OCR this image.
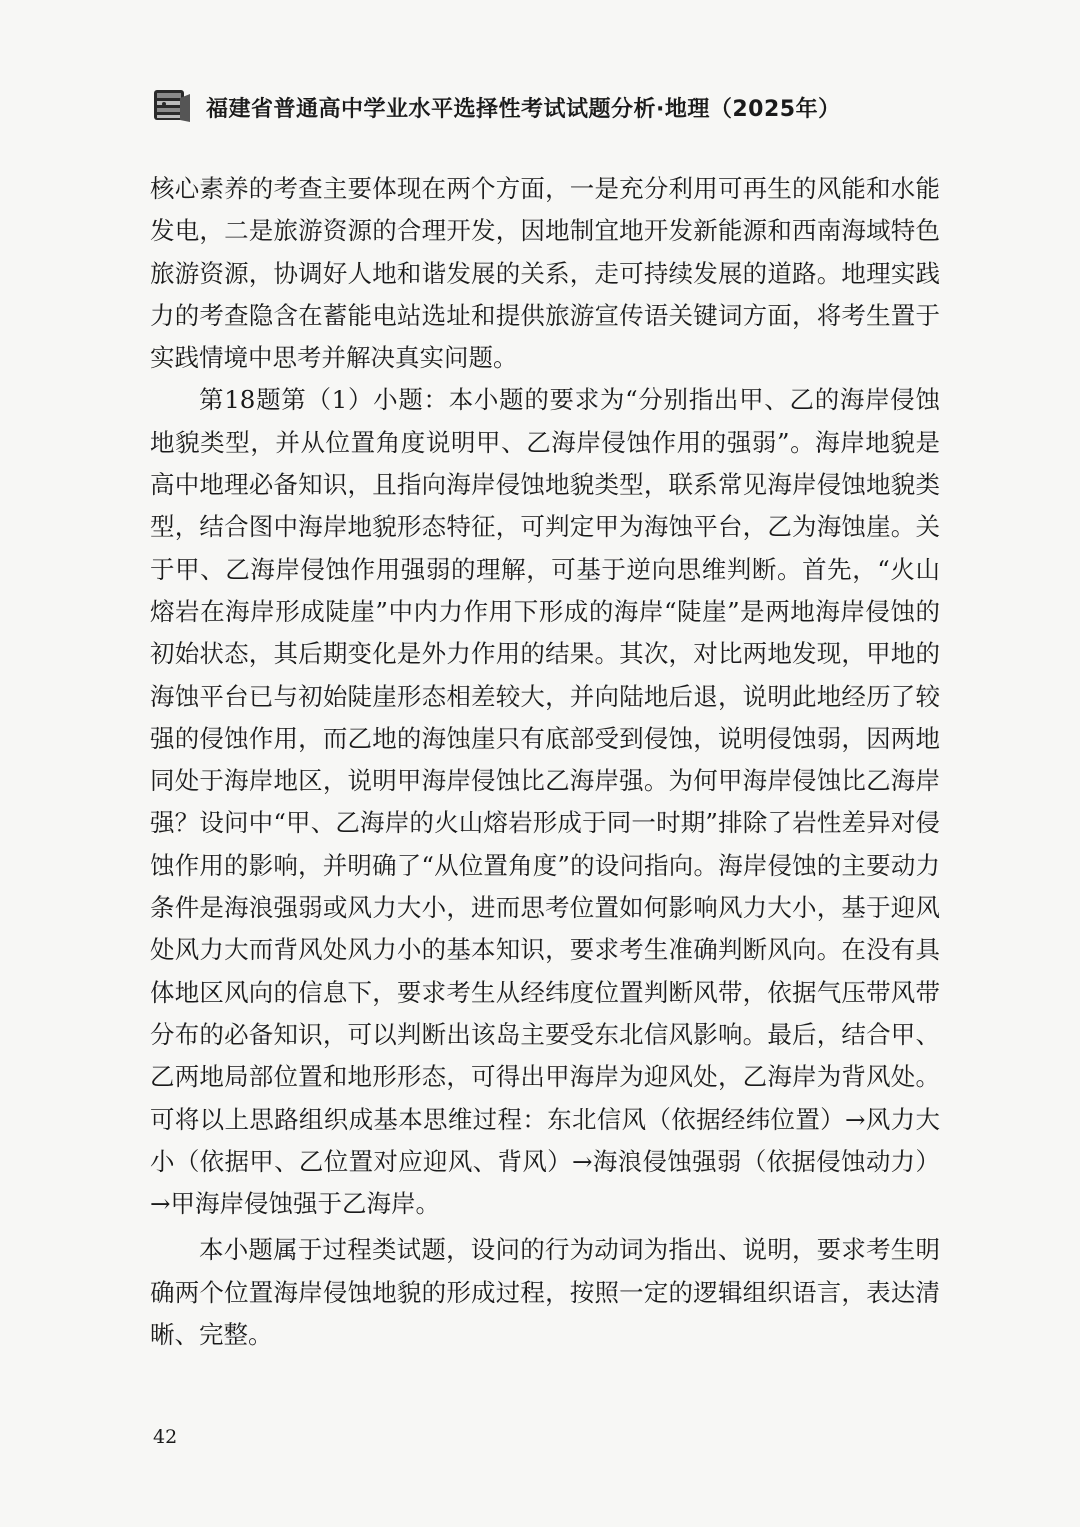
福建省普通高中学业水平选择性考试试题分析·地理（2025年）

核心素养的考查主要体现在两个方面，一是充分利用可再生的风能和水能发电，二是旅游资源的合理开发，因地制宜地开发新能源和西南海域特色旅游资源，协调好人地和谐发展的关系，走可持续发展的道路。地理实践力的考查隐含在蓄能电站选址和提供旅游宣传语关键词方面，将考生置于实践情境中思考并解决真实问题。

第18题第（1）小题：本小题的要求为“分别指出甲、乙的海岸侵蚀地貌类型，并从位置角度说明甲、乙海岸侵蚀作用的强弱”。海岸地貌是高中地理必备知识，且指向海岸侵蚀地貌类型，联系常见海岸侵蚀地貌类型，结合图中海岸地貌形态特征，可判定甲为海蚀平台，乙为海蚀崖。关于甲、乙海岸侵蚀作用强弱的理解，可基于逆向思维判断。首先，“火山熔岩在海岸形成陡崖”中内力作用下形成的海岸“陡崖”是两地海岸侵蚀的初始状态，其后期变化是外力作用的结果。其次，对比两地发现，甲地的海蚀平台已与初始陡崖形态相差较大，并向陆地后退，说明此地经历了较强的侵蚀作用，而乙地的海蚀崖只有底部受到侵蚀，说明侵蚀弱，因两地同处于海岸地区，说明甲海岸侵蚀比乙海岸强。为何甲海岸侵蚀比乙海岸强？设问中“甲、乙海岸的火山熔岩形成于同一时期”排除了岩性差异对侵蚀作用的影响，并明确了“从位置角度”的设问指向。海岸侵蚀的主要动力条件是海浪强弱或风力大小，进而思考位置如何影响风力大小，基于迎风处风力大而背风处风力小的基本知识，要求考生准确判断风向。在没有具体地区风向的信息下，要求考生从经纬度位置判断风带，依据气压带风带分布的必备知识，可以判断出该岛主要受东北信风影响。最后，结合甲、乙两地局部位置和地形形态，可得出甲海岸为迎风处，乙海岸为背风处。可将以上思路组织成基本思维过程：东北信风（依据经纬位置）→风力大小（依据甲、乙位置对应迎风、背风）→海浪侵蚀强弱（依据侵蚀动力）→甲海岸侵蚀强于乙海岸。

本小题属于过程类试题，设问的行为动词为指出、说明，要求考生明确两个位置海岸侵蚀地貌的形成过程，按照一定的逻辑组织语言，表达清晰、完整。

42
